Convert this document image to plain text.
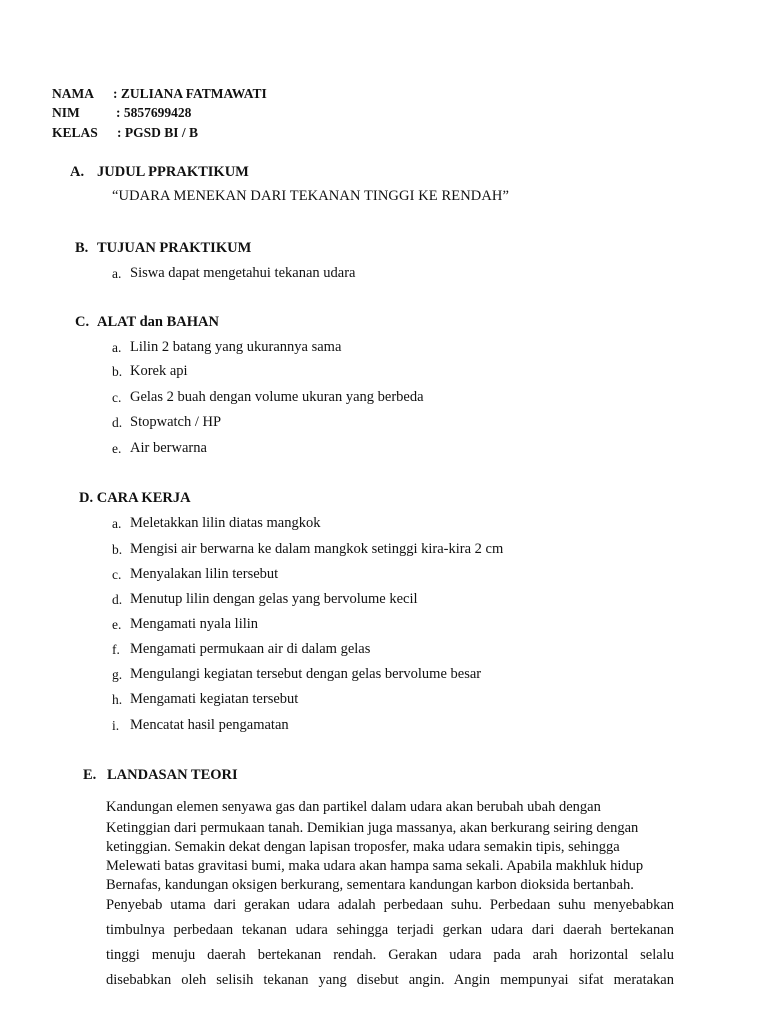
NAMA : ZULIANA FATMAWATI
NIM	: 5857699428
KELAS : PGSD BI / B
A. JUDUL PPRAKTIKUM
“UDARA MENEKAN DARI TEKANAN TINGGI KE RENDAH”
B. TUJUAN PRAKTIKUM
a. Siswa dapat mengetahui tekanan udara
C. ALAT dan BAHAN
a. Lilin 2 batang yang ukurannya sama
b. Korek api
c. Gelas 2 buah dengan volume ukuran yang berbeda
d. Stopwatch / HP
e. Air berwarna
D. CARA KERJA
a. Meletakkan lilin diatas mangkok
b. Mengisi air berwarna ke dalam mangkok setinggi kira-kira 2 cm
c. Menyalakan lilin tersebut
d. Menutup lilin dengan gelas yang bervolume kecil
e. Mengamati nyala lilin
f. Mengamati permukaan air di dalam gelas
g. Mengulangi kegiatan tersebut dengan gelas bervolume besar
h. Mengamati kegiatan tersebut
i. Mencatat hasil pengamatan
E. LANDASAN TEORI
Kandungan elemen senyawa gas dan partikel dalam udara akan berubah ubah dengan
Ketinggian dari permukaan tanah. Demikian juga massanya, akan berkurang seiring dengan
ketinggian. Semakin dekat dengan lapisan troposfer, maka udara semakin tipis, sehingga
Melewati batas gravitasi bumi, maka udara akan hampa sama sekali. Apabila makhluk hidup
Bernafas, kandungan oksigen berkurang, sementara kandungan karbon dioksida bertanbah.
Penyebab utama dari gerakan udara adalah perbedaan suhu. Perbedaan suhu menyebabkan
timbulnya perbedaan tekanan udara sehingga terjadi gerkan udara dari daerah bertekanan
tinggi menuju daerah bertekanan rendah. Gerakan udara pada arah horizontal selalu
disebabkan oleh selisih tekanan yang disebut angin. Angin mempunyai sifat meratakan
